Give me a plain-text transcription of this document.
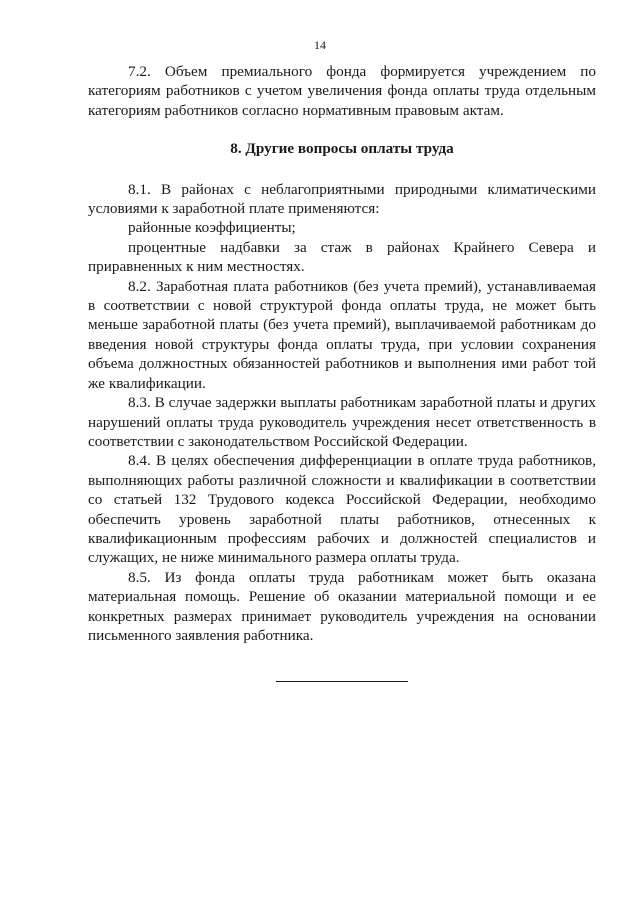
14

7.2. Объем премиального фонда формируется учреждением по категориям работников с учетом увеличения фонда оплаты труда отдельным категориям работников согласно нормативным правовым актам.

8. Другие вопросы оплаты труда

8.1. В районах с неблагоприятными природными климатическими условиями к заработной плате применяются:

районные коэффициенты;

процентные надбавки за стаж в районах Крайнего Севера и приравненных к ним местностях.

8.2. Заработная плата работников (без учета премий), устанавливаемая в соответствии с новой структурой фонда оплаты труда, не может быть меньше заработной платы (без учета премий), выплачиваемой работникам до введения новой структуры фонда оплаты труда, при условии сохранения объема должностных обязанностей работников и выполнения ими работ той же квалификации.

8.3. В случае задержки выплаты работникам заработной платы и других нарушений оплаты труда руководитель учреждения несет ответственность в соответствии с законодательством Российской Федерации.

8.4. В целях обеспечения дифференциации в оплате труда работников, выполняющих работы различной сложности и квалификации в соответствии со статьей 132 Трудового кодекса Российской Федерации, необходимо обеспечить уровень заработной платы работников, отнесенных к квалификационным профессиям рабочих и должностей специалистов и служащих, не ниже минимального размера оплаты труда.

8.5. Из фонда оплаты труда работникам может быть оказана материальная помощь. Решение об оказании материальной помощи и ее конкретных размерах принимает руководитель учреждения на основании письменного заявления работника.
